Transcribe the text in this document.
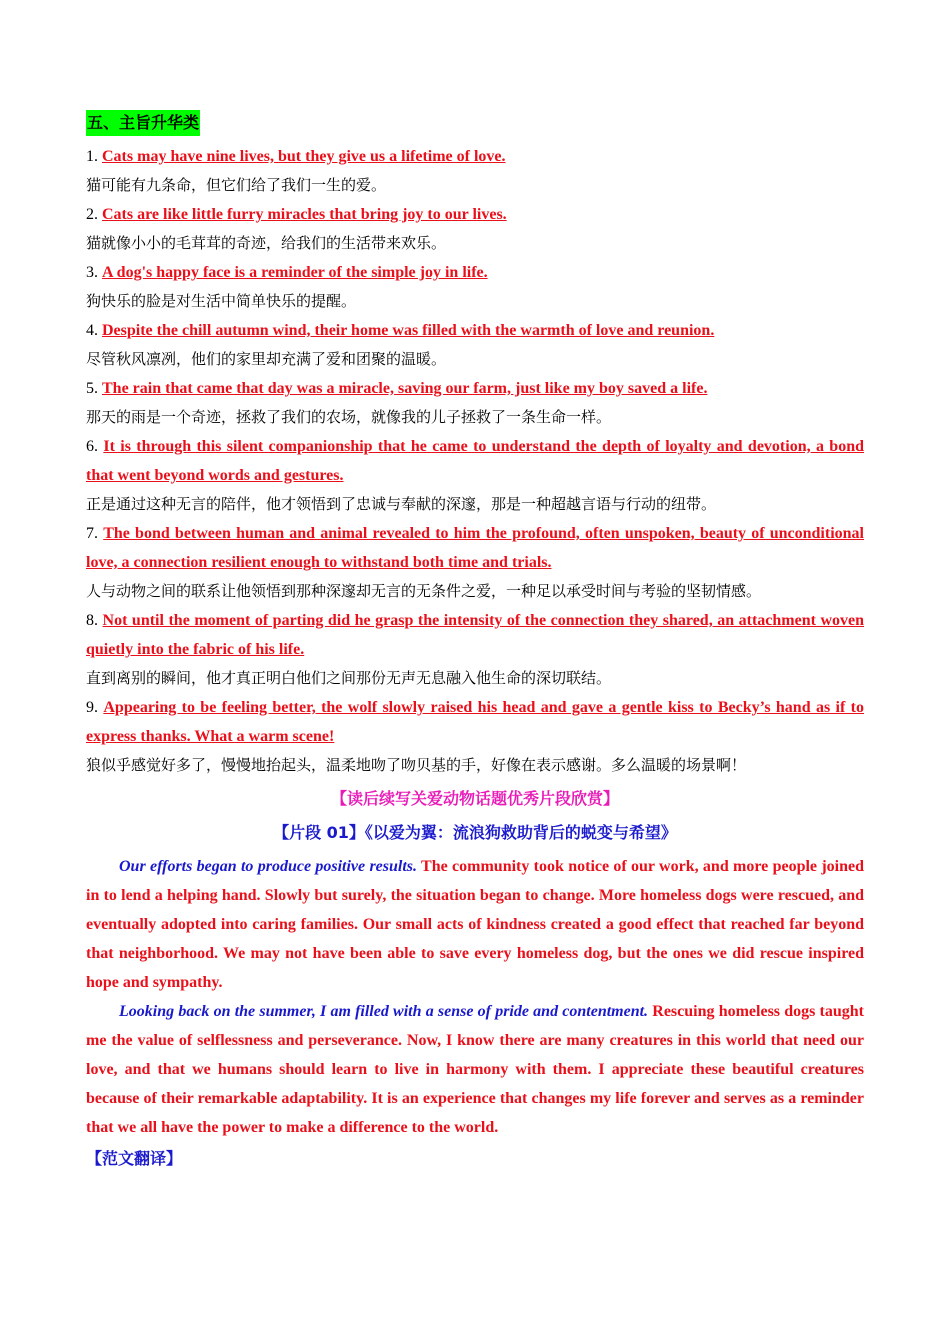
五、主旨升华类
1. Cats may have nine lives, but they give us a lifetime of love.
猫可能有九条命，但它们给了我们一生的爱。
2. Cats are like little furry miracles that bring joy to our lives.
猫就像小小的毛茸茸的奇迹，给我们的生活带来欢乐。
3. A dog's happy face is a reminder of the simple joy in life.
狗快乐的脸是对生活中简单快乐的提醒。
4. Despite the chill autumn wind, their home was filled with the warmth of love and reunion.
尽管秋风凛冽，他们的家里却充满了爱和团聚的温暖。
5. The rain that came that day was a miracle, saving our farm, just like my boy saved a life.
那天的雨是一个奇迹，拯救了我们的农场，就像我的儿子拯救了一条生命一样。
6. It is through this silent companionship that he came to understand the depth of loyalty and devotion, a bond that went beyond words and gestures.
正是通过这种无言的陪伴，他才领悟到了忠诚与奉献的深邃，那是一种超越言语与行动的纽带。
7. The bond between human and animal revealed to him the profound, often unspoken, beauty of unconditional love, a connection resilient enough to withstand both time and trials.
人与动物之间的联系让他领悟到那种深邃却无言的无条件之爱，一种足以承受时间与考验的坚韧情感。
8. Not until the moment of parting did he grasp the intensity of the connection they shared, an attachment woven quietly into the fabric of his life.
直到离别的瞬间，他才真正明白他们之间那份无声无息融入他生命的深切联结。
9. Appearing to be feeling better, the wolf slowly raised his head and gave a gentle kiss to Becky’s hand as if to express thanks. What a warm scene!
狼似乎感觉好多了，慢慢地抬起头，温柔地吻了吻贝基的手，好像在表示感谢。多么温暖的场景啊！
【读后续写关爱动物话题优秀片段欣赏】
【片段 01】《以爱为翼：流浪狗救助背后的蜕变与希望》

Our efforts began to produce positive results. The community took notice of our work, and more people joined in to lend a helping hand. Slowly but surely, the situation began to change. More homeless dogs were rescued, and eventually adopted into caring families. Our small acts of kindness created a good effect that reached far beyond that neighborhood. We may not have been able to save every homeless dog, but the ones we did rescue inspired hope and sympathy.

Looking back on the summer, I am filled with a sense of pride and contentment. Rescuing homeless dogs taught me the value of selflessness and perseverance. Now, I know there are many creatures in this world that need our love, and that we humans should learn to live in harmony with them. I appreciate these beautiful creatures because of their remarkable adaptability. It is an experience that changes my life forever and serves as a reminder that we all have the power to make a difference to the world.

【范文翻译】
